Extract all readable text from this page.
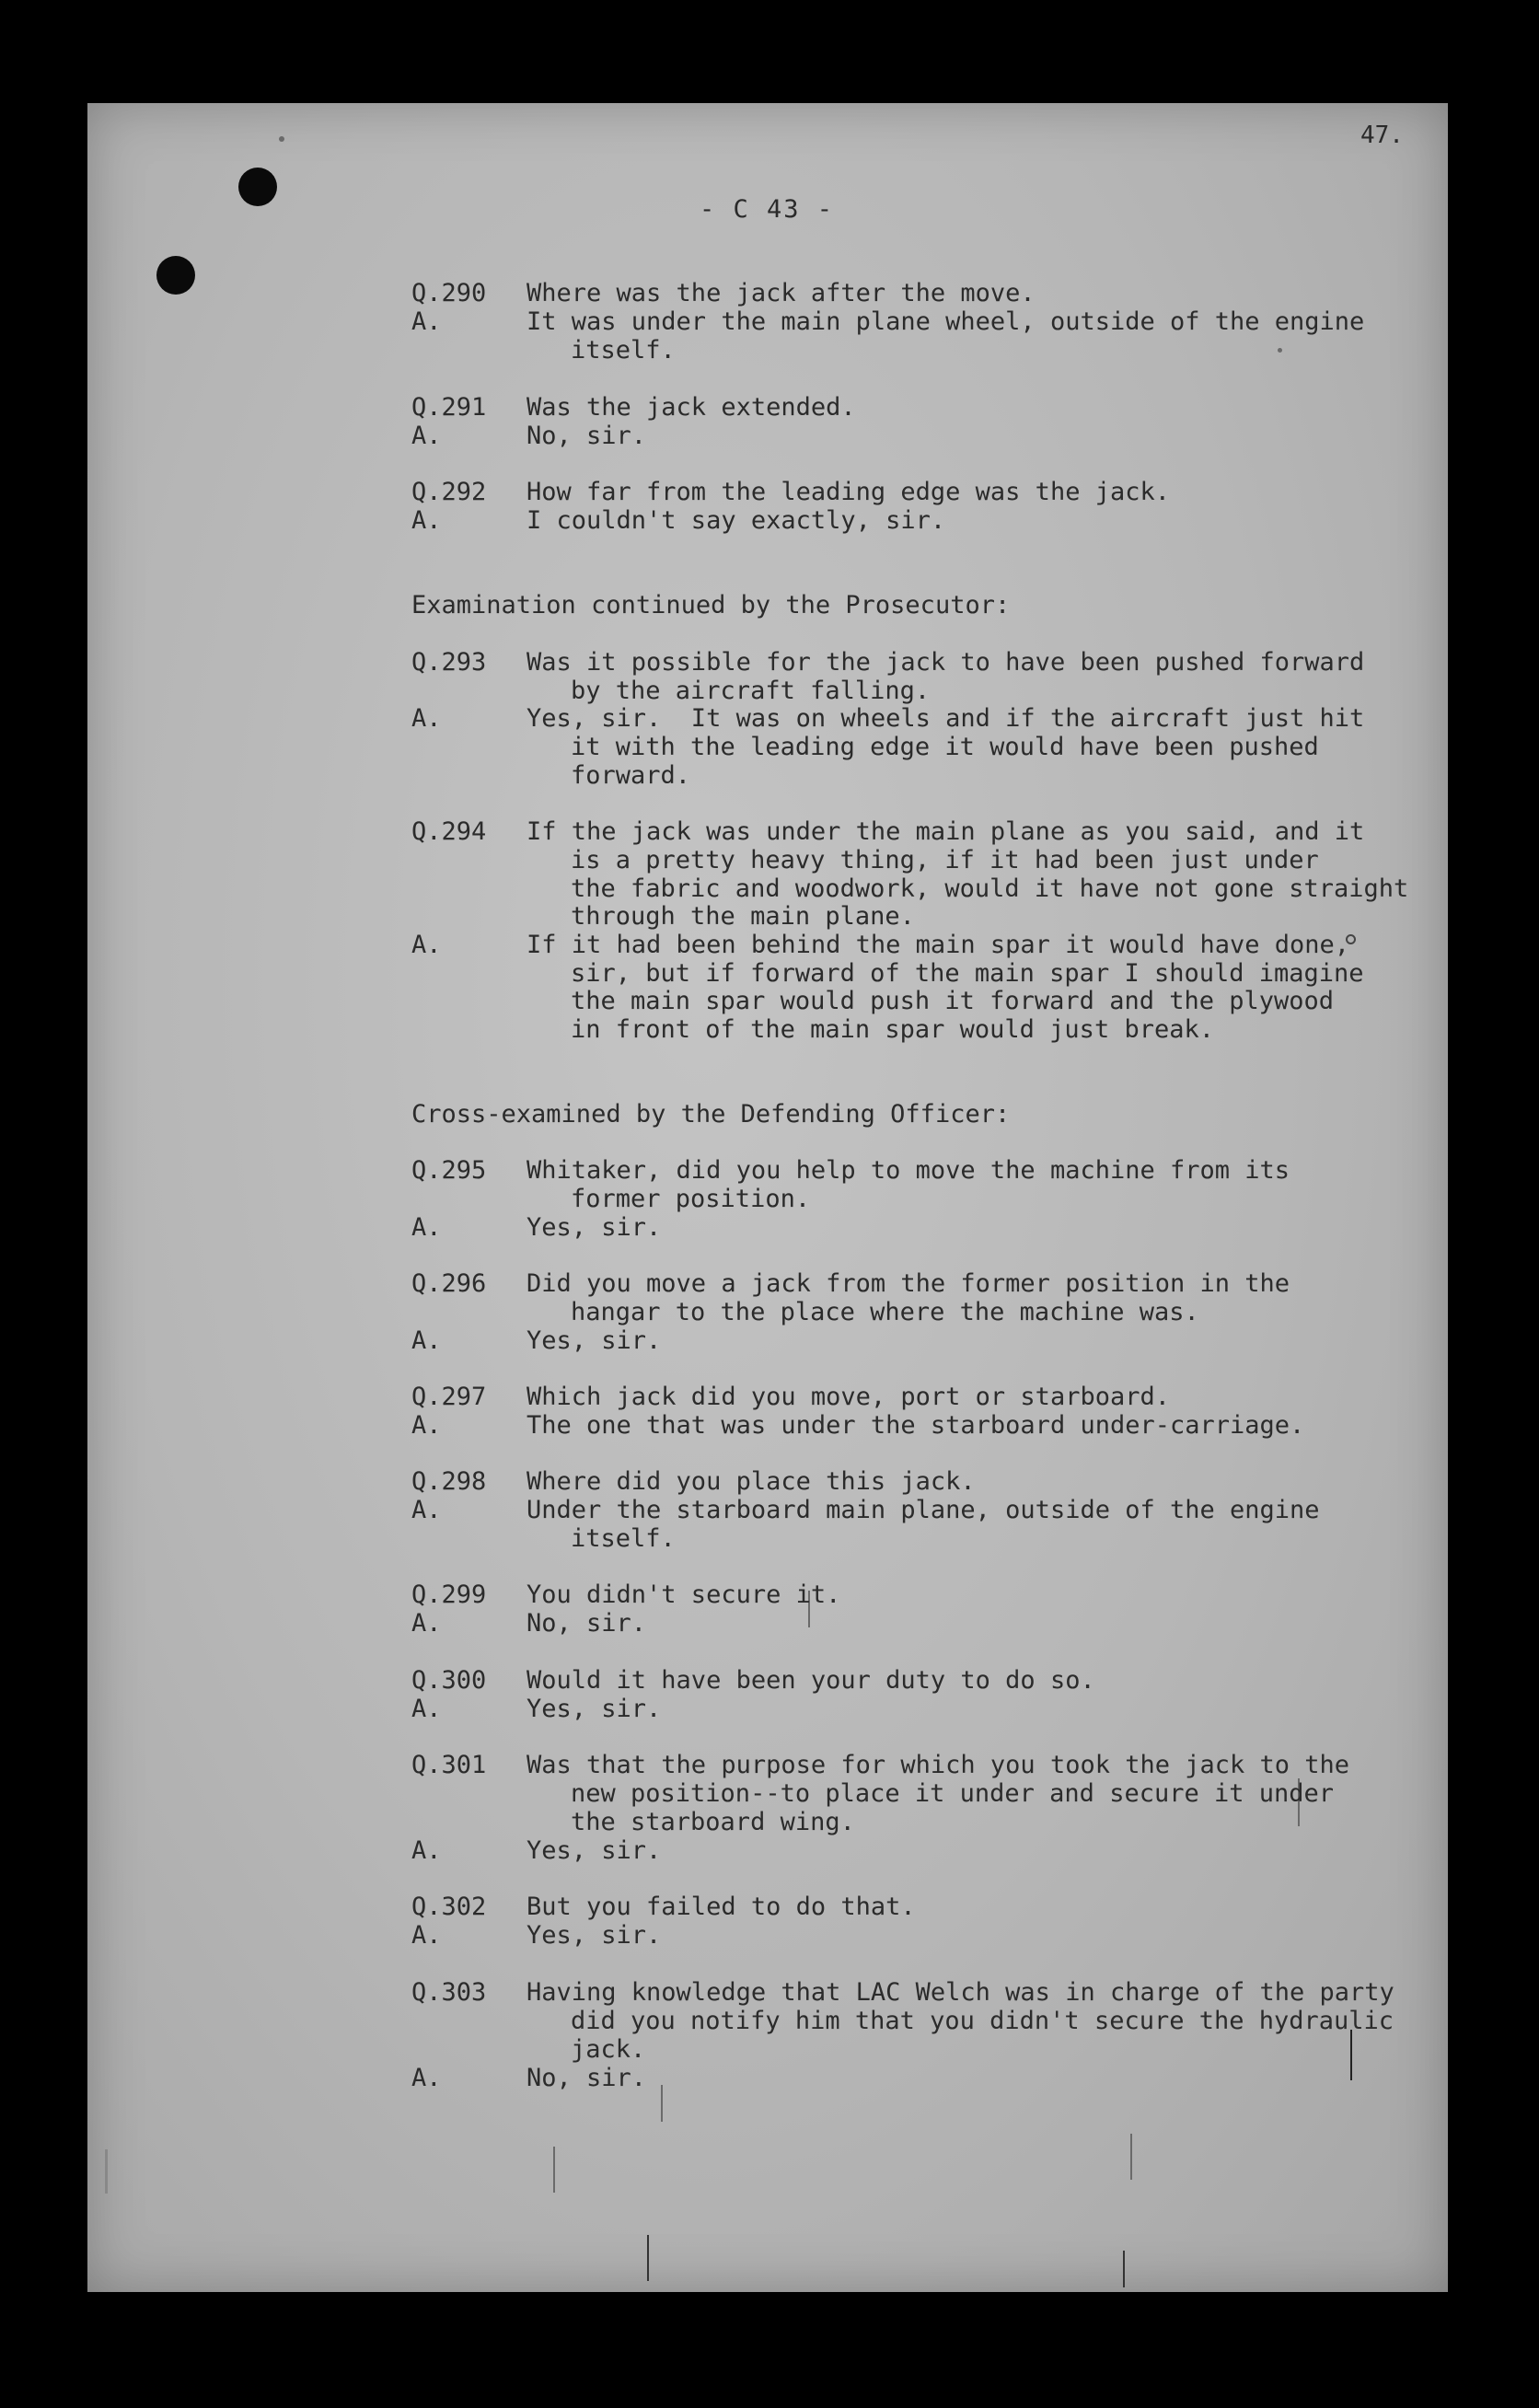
47.
- C 43 -
Q.290 Where was the jack after the move.
A.	It was under the main plane wheel, outside of the engine
itself.
Q.291 Was the jack extended.
A.	No, sir.
Q.292 How far from the leading edge was the jack.
A.	I couldn't say exactly, sir.
Examination continued by the Prosecutor:
Q.293 Was it possible for the jack to have been pushed forward
by the aircraft falling.
A.	Yes, sir.  It was on wheels and if the aircraft just hit
it with the leading edge it would have been pushed
forward.
Q.294 If the jack was under the main plane as you said, and it
is a pretty heavy thing, if it had been just under
the fabric and woodwork, would it have not gone straight
through the main plane.
A.	If it had been behind the main spar it would have done,
sir, but if forward of the main spar I should imagine
the main spar would push it forward and the plywood
in front of the main spar would just break.
Cross-examined by the Defending Officer:
Q.295 Whitaker, did you help to move the machine from its
former position.
A.	Yes, sir.
Q.296 Did you move a jack from the former position in the
hangar to the place where the machine was.
A.	Yes, sir.
Q.297 Which jack did you move, port or starboard.
A.	The one that was under the starboard under-carriage.
Q.298 Where did you place this jack.
A.	Under the starboard main plane, outside of the engine
itself.
Q.299 You didn't secure it.
A.	No, sir.
Q.300 Would it have been your duty to do so.
A.	Yes, sir.
Q.301 Was that the purpose for which you took the jack to the
new position--to place it under and secure it under
the starboard wing.
A.	Yes, sir.
Q.302 But you failed to do that.
A.	Yes, sir.
Q.303 Having knowledge that LAC Welch was in charge of the party
did you notify him that you didn't secure the hydraulic
jack.
A.	No, sir.
